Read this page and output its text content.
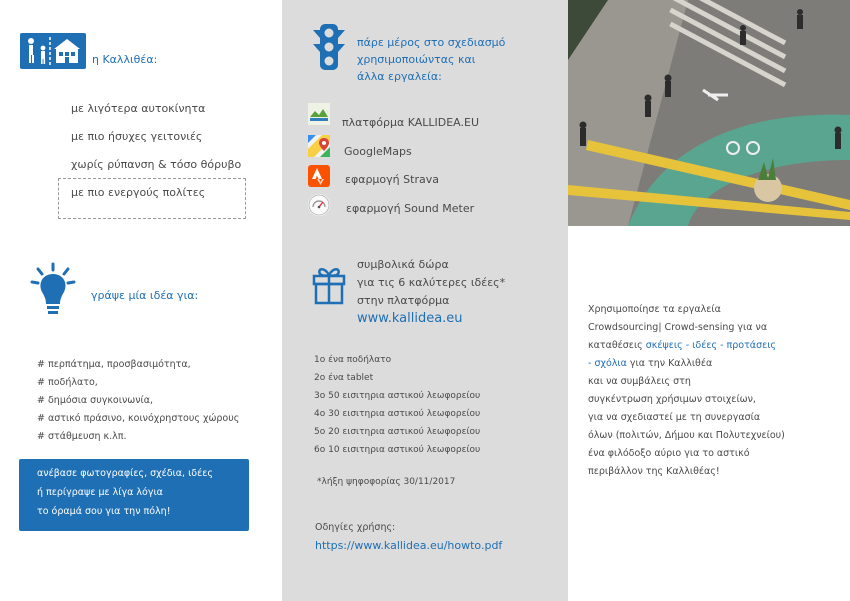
η Καλλιθέα:
με λιγότερα αυτοκίνητα
με πιο ήσυχες γειτονιές
χωρίς ρύπανση & τόσο θόρυβο
με πιο ενεργούς πολίτες
γράψε μία ιδέα για:
# περπάτημα, προσβασιμότητα,
# ποδήλατο,
# δημόσια συγκοινωνία,
# αστικό πράσινο, κοινόχρηστους χώρους
# στάθμευση κ.λπ.
ανέβασε φωτογραφίες, σχέδια, ιδέες
ή περίγραψε με λίγα λόγια
το όραμά σου για την πόλη!
πάρε μέρος στο σχεδιασμό
χρησιμοποιώντας και
άλλα εργαλεία:
πλατφόρμα KALLIDEA.EU
GoogleMaps
εφαρμογή Strava
εφαρμογή Sound Meter
συμβολικά δώρα
για τις 6 καλύτερες ιδέες*
στην πλατφόρμα
www.kallidea.eu
1ο ένα ποδήλατο
2ο ένα tablet
3ο 50 εισιτηρια αστικού λεωφορείου
4ο 30 εισιτηρια αστικού λεωφορείου
5ο 20 εισιτηρια αστικού λεωφορείου
6ο 10 εισιτηρια αστικού λεωφορείου
*λήξη ψηφοφορίας 30/11/2017
Οδηγίες χρήσης:
https://www.kallidea.eu/howto.pdf
Χρησιμοποίησε τα εργαλεία
Crowdsourcing| Crowd-sensing για να
καταθέσεις σκέψεις - ιδέες - προτάσεις
- σχόλια για την Καλλιθέα
και να συμβάλεις στη
συγκέντρωση χρήσιμων στοιχείων,
για να σχεδιαστεί με τη συνεργασία
όλων (πολιτών, Δήμου και Πολυτεχνείου)
ένα φιλόδοξο αύριο για το αστικό
περιβάλλον της Καλλιθέας!
